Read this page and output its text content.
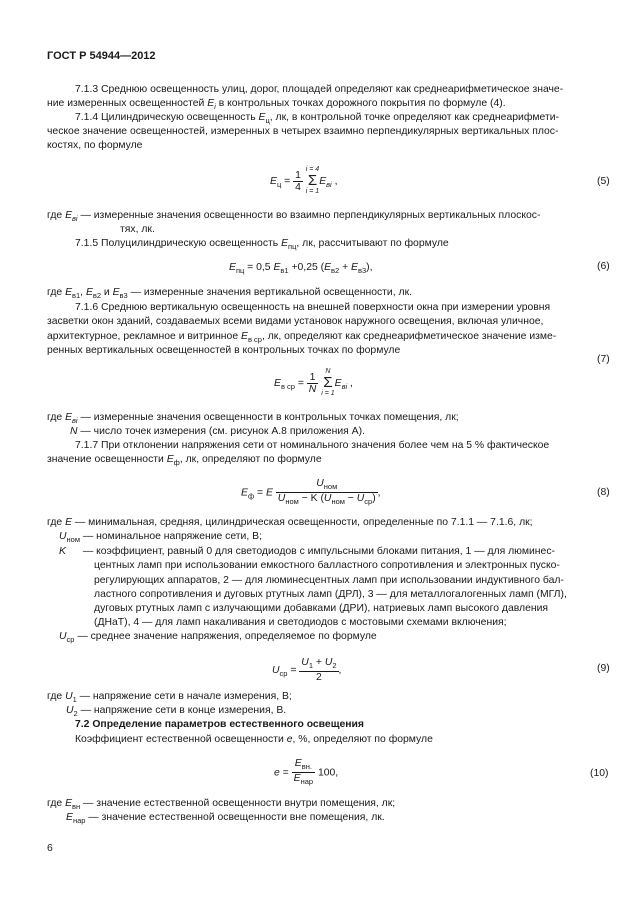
ГОСТ Р 54944—2012
7.1.3 Среднюю освещенность улиц, дорог, площадей определяют как среднеарифметическое значе-
ние измеренных освещенностей $E_i$ в контрольных точках дорожного покрытия по формуле (4).
7.1.4 Цилиндрическую освещенность $E_ц$, лк, в контрольной точке определяют как среднеарифмети-
ческое значение освещенностей, измеренных в четырех взаимно перпендикулярных вертикальных плос-
костях, по формуле
$E_ц = \frac{1}{4}$
i = 4
Σ
i = 1
$E_{вi}$ ,	(5)
где $E_{вi}$ — измеренные значения освещенности во взаимно перпендикулярных вертикальных плоскос-
тях, лк.
7.1.5 Полуцилиндрическую освещенность $E_{пц}$, лк, рассчитывают по формуле
$E_{пц} = 0,5$ $E_{в1} +0,25$ $(E_{в2} + E_{в3})$,	(6)
где $E_{в1}$, $E_{в2}$ и $E_{в3}$ — измеренные значения вертикальной освещенности, лк.
7.1.6 Среднюю вертикальную освещенность на внешней поверхности окна при измерении уровня
засветки окон зданий, создаваемых всеми видами установок наружного освещения, включая уличное,
архитектурное, рекламное и витринное $E_{в ср}$, лк, определяют как среднеарифметическое значение изме-
ренных вертикальных освещенностей в контрольных точках по формуле
$E_{в ср} = \frac{1}{N}$
	N
Σ
i = 1
$E_{вi}$ ,
(7)
где $E_{вi}$ — измеренные значения освещенности в контрольных точках помещения, лк;
N — число точек измерения (см. рисунок А.8 приложения А).
7.1.7 При отклонении напряжения сети от номинального значения более чем на 5 % фактическое
значение освещенности $E_ф$, лк, определяют по формуле
$E_ф = E \frac{U_{ном}}{U_{ном} - K (U_{ном} - U_{ср})}$ ,	(8)
где E — минимальная, средняя, цилиндрическая освещенности, определенные по 7.1.1 — 7.1.6, лк;
$U_{ном}$ — номинальное напряжение сети, В;
K — коэффициент, равный 0 для светодиодов с импульсными блоками питания, 1 — для люминес-
центных ламп при использовании емкостного балластного сопротивления и электронных пуско-
регулирующих аппаратов, 2 — для люминесцентных ламп при использовании индуктивного бал-
ластного сопротивления и дуговых ртутных ламп (ДРЛ), 3 — для металлогалогенных ламп (МГЛ),
дуговых ртутных ламп с излучающими добавками (ДРИ), натриевых ламп высокого давления
(ДНаТ), 4 — для ламп накаливания и светодиодов с мостовыми схемами включения;
$U_{ср}$ — среднее значение напряжения, определяемое по формуле
$U_{ср} = \frac{U_1 + U_2}{2}$ ,	(9)
где $U_1$ — напряжение сети в начале измерения, В;
$U_2$ — напряжение сети в конце измерения, В.
7.2 Определение параметров естественного освещения
Коэффициент естественной освещенности e, %, определяют по формуле
$e = \frac{E_{вн.}}{E_{нар}} 100$,	(10)
где $E_{вн}$ — значение естественной освещенности внутри помещения, лк;
$E_{нар}$ — значение естественной освещенности вне помещения, лк.
6
